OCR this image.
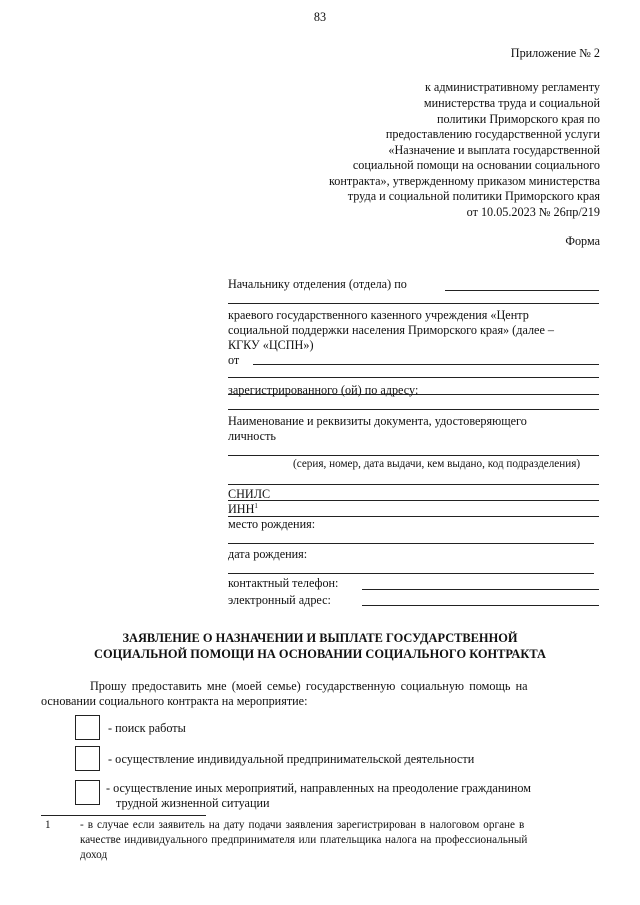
83
Приложение № 2
к административному регламенту
министерства труда и социальной
политики Приморского края по
предоставлению государственной услуги
«Назначение и выплата государственной
социальной помощи на основании социального
контракта», утвержденному приказом министерства
труда и социальной политики Приморского края
от 10.05.2023 № 26пр/219
Форма
Начальнику отделения (отдела) по
краевого государственного казенного учреждения «Центр
социальной поддержки населения Приморского края» (далее –
КГКУ «ЦСПН»)
от
зарегистрированного (ой) по адресу:
Наименование и реквизиты документа, удостоверяющего
личность
(серия, номер, дата выдачи, кем выдано, код подразделения)
СНИЛС
ИНН$^1$
место рождения:
дата рождения:
контактный телефон:
электронный адрес:
ЗАЯВЛЕНИЕ О НАЗНАЧЕНИИ И ВЫПЛАТЕ ГОСУДАРСТВЕННОЙ
СОЦИАЛЬНОЙ ПОМОЩИ НА ОСНОВАНИИ СОЦИАЛЬНОГО КОНТРАКТА
Прошу предоставить мне (моей семье) государственную социальную помощь на
основании социального контракта на мероприятие:
- поиск работы
- осуществление индивидуальной предпринимательской деятельности
- осуществление иных мероприятий, направленных на преодоление гражданином
трудной жизненной ситуации
1	- в случае если заявитель на дату подачи заявления зарегистрирован в налоговом органе в
качестве индивидуального предпринимателя или плательщика налога на профессиональный
доход
